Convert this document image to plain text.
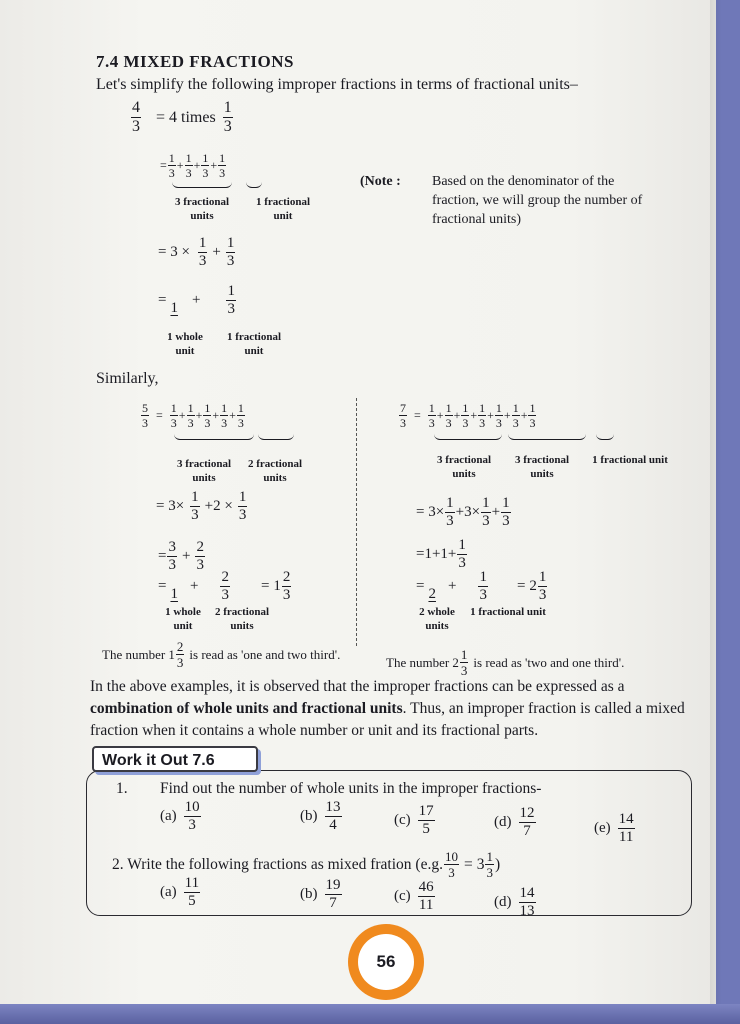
7.4 MIXED FRACTIONS
Let's simplify the following improper fractions in terms of fractional units–
$\frac{4}{3} = 4$ times $\frac{1}{3}$
= $\frac{1}{3} + \frac{1}{3} + \frac{1}{3} + \frac{1}{3}$
3 fractional units
1 fractional unit
(Note : Based on the denominator of the
fraction, we will group the number of
fractional units)
= $3 \times \frac{1}{3} + \frac{1}{3}$
= $1 + \frac{1}{3}$
1 whole unit
1 fractional unit
Similarly,
$\frac{5}{3} = \frac{1}{3} + \frac{1}{3} + \frac{1}{3} + \frac{1}{3} + \frac{1}{3}$
3 fractional units
2 fractional units
= $3\times \frac{1}{3} +2 \times \frac{1}{3}$
= $\frac{3}{3} + \frac{2}{3}$
= $1 + \frac{2}{3} = 1 \frac{2}{3}$
1 whole unit
2 fractional units
The number $1 \frac{2}{3}$ is read as 'one and two third'.
$\frac{7}{3} = \frac{1}{3} + \frac{1}{3} + \frac{1}{3} + \frac{1}{3} + \frac{1}{3} + \frac{1}{3} + \frac{1}{3}$
3 fractional units
3 fractional units
1 fractional unit
= $3\times \frac{1}{3} +3\times \frac{1}{3} + \frac{1}{3}$
$=1+1+ \frac{1}{3}$
= $2 + \frac{1}{3} = 2 \frac{1}{3}$
2 whole units
1 fractional unit
The number $2 \frac{1}{3}$ is read as 'two and one third'.
In the above examples, it is observed that the improper fractions can be expressed as a combination of whole units and fractional units. Thus, an improper fraction is called a mixed fraction when it contains a whole number or unit and its fractional parts.
Work it Out 7.6
1. Find out the number of whole units in the improper fractions-
$(a) \frac{10}{3}$	$(b) \frac{13}{4}$	$(c) \frac{17}{5}$	$(d) \frac{12}{7}$	$(e) \frac{14}{11}$
2. Write the following fractions as mixed fration (e.g. $\frac{10}{3} = 3 \frac{1}{3}$ )
$(a) \frac{11}{5}$	$(b) \frac{19}{7}$	$(c) \frac{46}{11}$	$(d) \frac{14}{13}$
56
